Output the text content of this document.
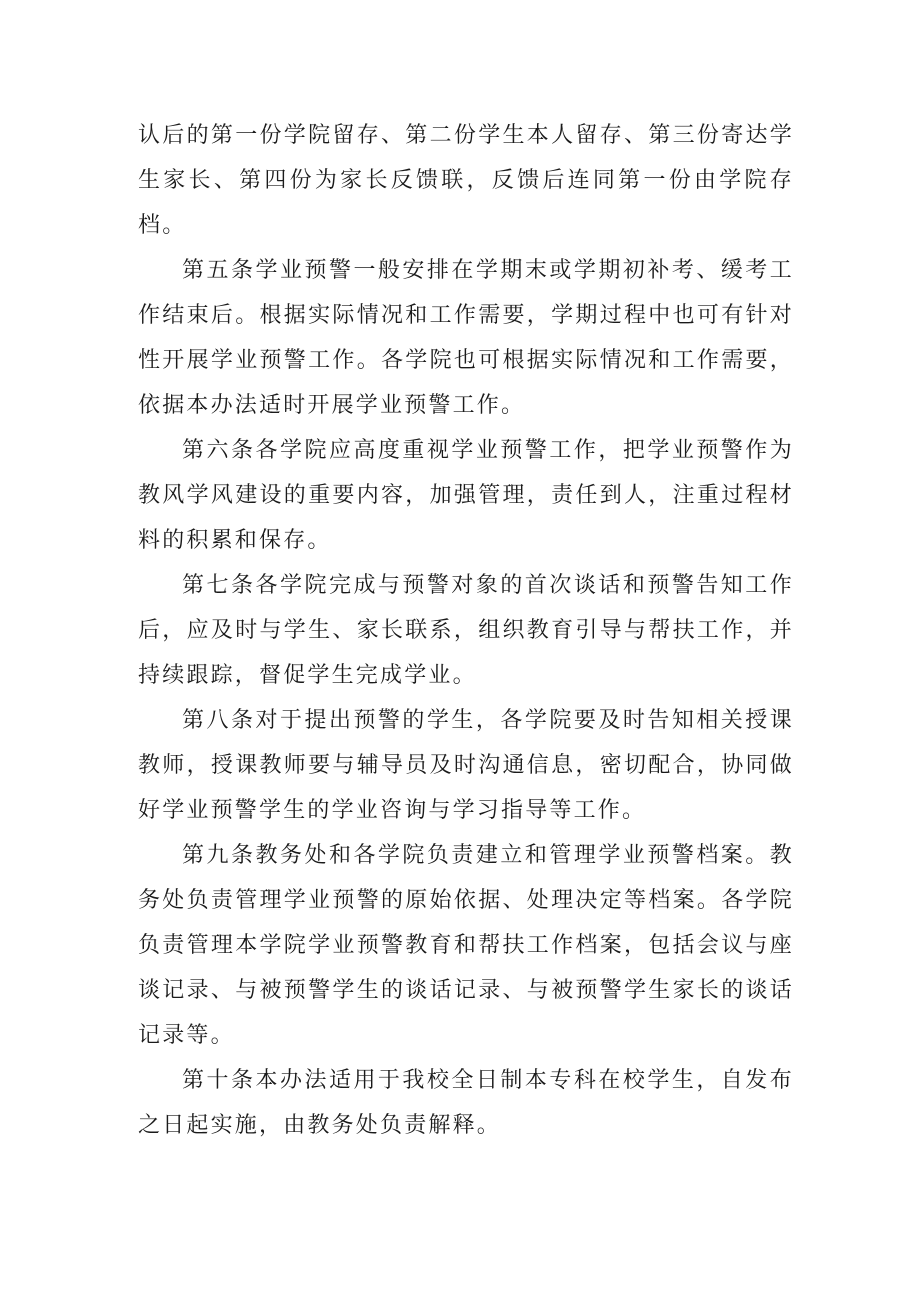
认后的第一份学院留存、第二份学生本人留存、第三份寄达学生家长、第四份为家长反馈联，反馈后连同第一份由学院存档。

第五条学业预警一般安排在学期末或学期初补考、缓考工作结束后。根据实际情况和工作需要，学期过程中也可有针对性开展学业预警工作。各学院也可根据实际情况和工作需要，依据本办法适时开展学业预警工作。

第六条各学院应高度重视学业预警工作，把学业预警作为教风学风建设的重要内容，加强管理，责任到人，注重过程材料的积累和保存。

第七条各学院完成与预警对象的首次谈话和预警告知工作后，应及时与学生、家长联系，组织教育引导与帮扶工作，并持续跟踪，督促学生完成学业。

第八条对于提出预警的学生，各学院要及时告知相关授课教师，授课教师要与辅导员及时沟通信息，密切配合，协同做好学业预警学生的学业咨询与学习指导等工作。

第九条教务处和各学院负责建立和管理学业预警档案。教务处负责管理学业预警的原始依据、处理决定等档案。各学院负责管理本学院学业预警教育和帮扶工作档案，包括会议与座谈记录、与被预警学生的谈话记录、与被预警学生家长的谈话记录等。

第十条本办法适用于我校全日制本专科在校学生，自发布之日起实施，由教务处负责解释。
